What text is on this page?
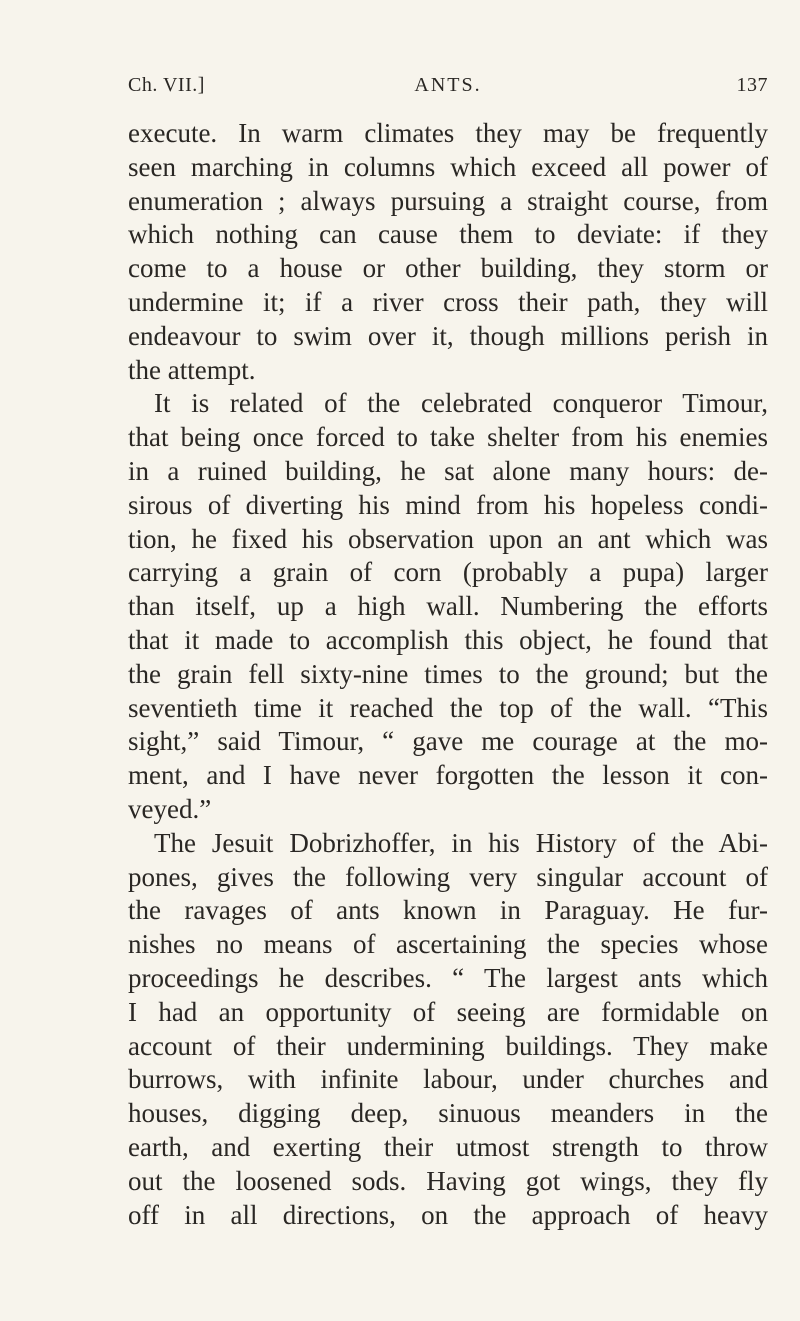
Ch. VII.]	ANTS.	137
execute. In warm climates they may be frequently
seen marching in columns which exceed all power of
enumeration ; always pursuing a straight course, from
which nothing can cause them to deviate: if they
come to a house or other building, they storm or
undermine it; if a river cross their path, they will
endeavour to swim over it, though millions perish in
the attempt.
It is related of the celebrated conqueror Timour,
that being once forced to take shelter from his enemies
in a ruined building, he sat alone many hours: de-
sirous of diverting his mind from his hopeless condi-
tion, he fixed his observation upon an ant which was
carrying a grain of corn (probably a pupa) larger
than itself, up a high wall. Numbering the efforts
that it made to accomplish this object, he found that
the grain fell sixty-nine times to the ground; but the
seventieth time it reached the top of the wall. “This
sight,” said Timour, “ gave me courage at the mo-
ment, and I have never forgotten the lesson it con-
veyed.”
The Jesuit Dobrizhoffer, in his History of the Abi-
pones, gives the following very singular account of
the ravages of ants known in Paraguay. He fur-
nishes no means of ascertaining the species whose
proceedings he describes. “ The largest ants which
I had an opportunity of seeing are formidable on
account of their undermining buildings. They make
burrows, with infinite labour, under churches and
houses, digging deep, sinuous meanders in the
earth, and exerting their utmost strength to throw
out the loosened sods. Having got wings, they fly
off in all directions, on the approach of heavy
